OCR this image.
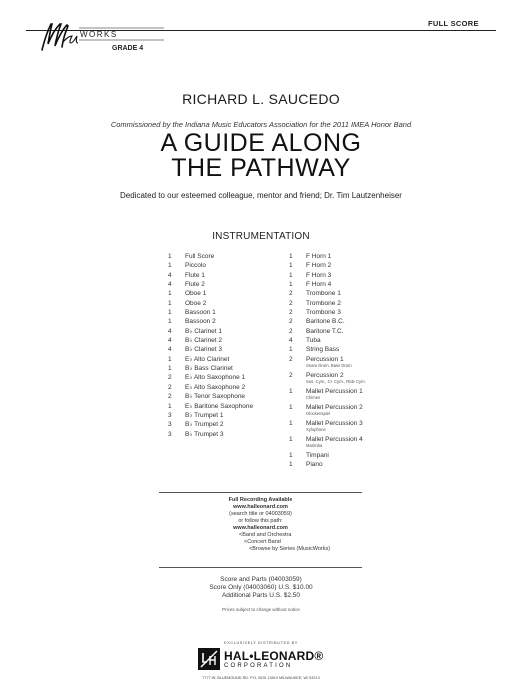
WORKS
GRADE 4
FULL SCORE
RICHARD L. SAUCEDO
Commissioned by the Indiana Music Educators Association for the 2011 IMEA Honor Band
A GUIDE ALONG
THE PATHWAY
Dedicated to our esteemed colleague, mentor and friend; Dr. Tim Lautzenheiser
INSTRUMENTATION
1	Full Score
1	Piccolo
4	Flute 1
4	Flute 2
1	Oboe 1
1	Oboe 2
1	Bassoon 1
1	Bassoon 2
4	B♭ Clarinet 1
4	B♭ Clarinet 2
4	B♭ Clarinet 3
1	E♭ Alto Clarinet
1	B♭ Bass Clarinet
2	E♭ Alto Saxophone 1
2	E♭ Alto Saxophone 2
2	B♭ Tenor Saxophone
1	E♭ Baritone Saxophone
3	B♭ Trumpet 1
3	B♭ Trumpet 2
3	B♭ Trumpet 3
1	F Horn 1
1	F Horn 2
1	F Horn 3
1	F Horn 4
2	Trombone 1
2	Trombone 2
2	Trombone 3
2	Baritone B.C.
2	Baritone T.C.
4	Tuba
1	String Bass
2	Percussion 1
Snare Drum, Bass Drum
2	Percussion 2
Sus. Cym., Cr. Cym., Ride Cym.
1	Mallet Percussion 1
Chimes
1	Mallet Percussion 2
Glockenspiel
1	Mallet Percussion 3
Xylophone
1	Mallet Percussion 4
Marimba
1	Timpani
1	Piano
Full Recording Available
www.halleonard.com
(search title or 04003059)
or follow this path:
www.halleonard.com
<Band and Orchestra
<Concert Band
<Browse by Series (MusicWorks)
Score and Parts (04003059)
Score Only (04003060) U.S. $10.00
Additional Parts U.S. $2.50
Prices subject to change without notice
EXCLUSIVELY DISTRIBUTED BY
HAL•LEONARD®
CORPORATION
7777 W. BLUEMOUND RD. P.O. BOX 13819 MILWAUKEE, WI 53213
